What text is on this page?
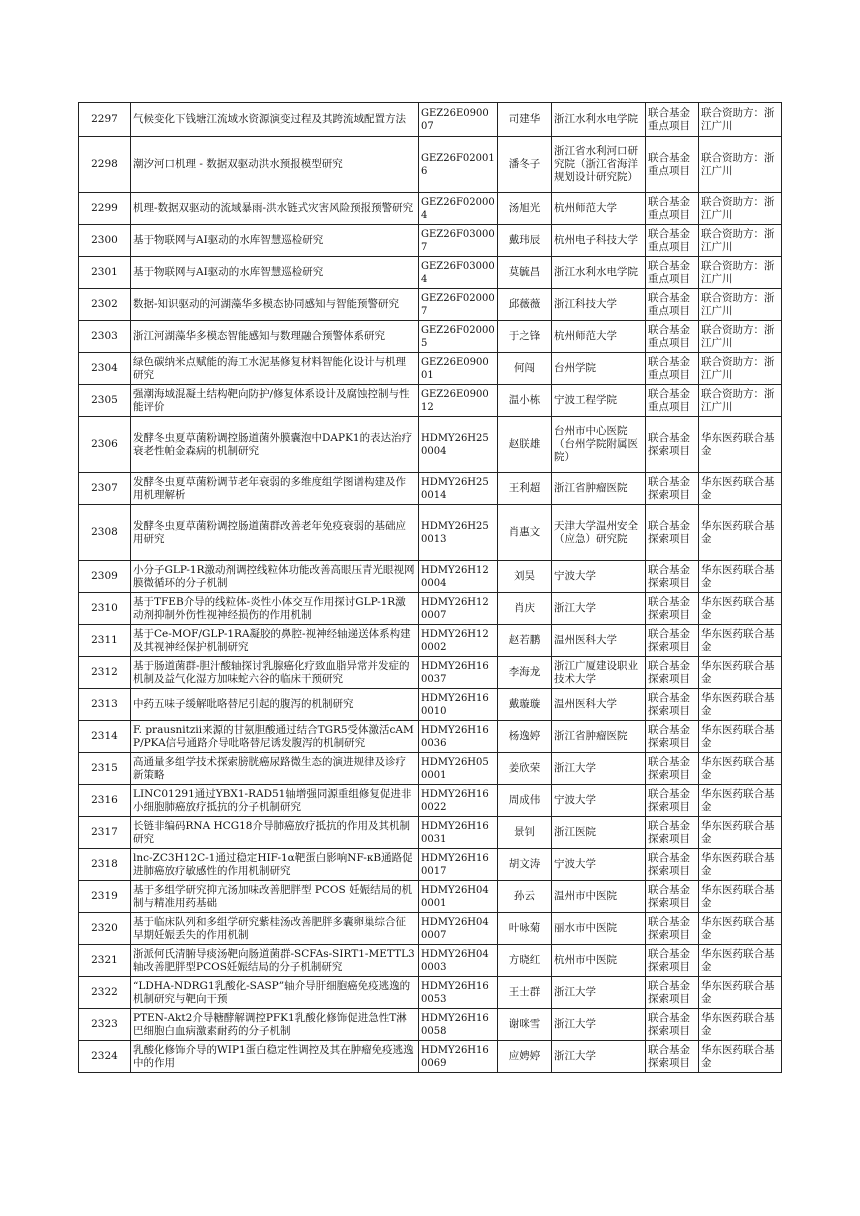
2297	气候变化下钱塘江流域水资源演变过程及其跨流域配置方法	GEZ26E090007	司建华	浙江水利水电学院	联合基金重点项目	联合资助方：浙江广川
2298	潮汐河口机理 - 数据双驱动洪水预报模型研究	GEZ26F020016	潘冬子	浙江省水利河口研究院（浙江省海洋规划设计研究院）	联合基金重点项目	联合资助方：浙江广川
2299	机理-数据双驱动的流域暴雨-洪水链式灾害风险预报预警研究	GEZ26F020004	汤旭光	杭州师范大学	联合基金重点项目	联合资助方：浙江广川
2300	基于物联网与AI驱动的水库智慧巡检研究	GEZ26F030007	戴玮辰	杭州电子科技大学	联合基金重点项目	联合资助方：浙江广川
2301	基于物联网与AI驱动的水库智慧巡检研究	GEZ26F030004	莫毓昌	浙江水利水电学院	联合基金重点项目	联合资助方：浙江广川
2302	数据-知识驱动的河湖藻华多模态协同感知与智能预警研究	GEZ26F020007	邱薇薇	浙江科技大学	联合基金重点项目	联合资助方：浙江广川
2303	浙江河湖藻华多模态智能感知与数理融合预警体系研究	GEZ26F020005	于之锋	杭州师范大学	联合基金重点项目	联合资助方：浙江广川
2304	绿色碳纳米点赋能的海工水泥基修复材料智能化设计与机理研究	GEZ26E090001	何闯	台州学院	联合基金重点项目	联合资助方：浙江广川
2305	强潮海域混凝土结构靶向防护/修复体系设计及腐蚀控制与性能评价	GEZ26E090012	温小栋	宁波工程学院	联合基金重点项目	联合资助方：浙江广川
2306	发酵冬虫夏草菌粉调控肠道菌外膜囊泡中DAPK1的表达治疗衰老性帕金森病的机制研究	HDMY26H250004	赵朕雄	台州市中心医院（台州学院附属医院）	联合基金探索项目	华东医药联合基金
2307	发酵冬虫夏草菌粉调节老年衰弱的多维度组学图谱构建及作用机理解析	HDMY26H250014	王利超	浙江省肿瘤医院	联合基金探索项目	华东医药联合基金
2308	发酵冬虫夏草菌粉调控肠道菌群改善老年免疫衰弱的基础应用研究	HDMY26H250013	肖惠文	天津大学温州安全（应急）研究院	联合基金探索项目	华东医药联合基金
2309	小分子GLP-1R激动剂调控线粒体功能改善高眼压青光眼视网膜微循环的分子机制	HDMY26H120004	刘昊	宁波大学	联合基金探索项目	华东医药联合基金
2310	基于TFEB介导的线粒体-炎性小体交互作用探讨GLP-1R激动剂抑制外伤性视神经损伤的作用机制	HDMY26H120007	肖庆	浙江大学	联合基金探索项目	华东医药联合基金
2311	基于Ce-MOF/GLP-1RA凝胶的鼻腔-视神经轴递送体系构建及其视神经保护机制研究	HDMY26H120002	赵若鹏	温州医科大学	联合基金探索项目	华东医药联合基金
2312	基于肠道菌群-胆汁酸轴探讨乳腺癌化疗致血脂异常并发症的机制及益气化湿方加味蛇六谷的临床干预研究	HDMY26H160037	李海龙	浙江广厦建设职业技术大学	联合基金探索项目	华东医药联合基金
2313	中药五味子缓解吡咯替尼引起的腹泻的机制研究	HDMY26H160010	戴璇璇	温州医科大学	联合基金探索项目	华东医药联合基金
2314	F. prausnitzii来源的甘氨胆酸通过结合TGR5受体激活cAMP/PKA信号通路介导吡咯替尼诱发腹泻的机制研究	HDMY26H160036	杨逸婷	浙江省肿瘤医院	联合基金探索项目	华东医药联合基金
2315	高通量多组学技术探索膀胱癌尿路微生态的演进规律及诊疗新策略	HDMY26H050001	姜欣荣	浙江大学	联合基金探索项目	华东医药联合基金
2316	LINC01291通过YBX1-RAD51轴增强同源重组修复促进非小细胞肺癌放疗抵抗的分子机制研究	HDMY26H160022	周成伟	宁波大学	联合基金探索项目	华东医药联合基金
2317	长链非编码RNA HCG18介导肺癌放疗抵抗的作用及其机制研究	HDMY26H160031	景钊	浙江医院	联合基金探索项目	华东医药联合基金
2318	lnc-ZC3H12C-1通过稳定HIF-1α靶蛋白影响NF-κB通路促进肺癌放疗敏感性的作用机制研究	HDMY26H160017	胡文涛	宁波大学	联合基金探索项目	华东医药联合基金
2319	基于多组学研究抑亢汤加味改善肥胖型 PCOS 妊娠结局的机制与精准用药基础	HDMY26H040001	孙云	温州市中医院	联合基金探索项目	华东医药联合基金
2320	基于临床队列和多组学研究紫桂汤改善肥胖多囊卵巢综合征早期妊娠丢失的作用机制	HDMY26H040007	叶咏菊	丽水市中医院	联合基金探索项目	华东医药联合基金
2321	浙派何氏清腑导痰汤靶向肠道菌群-SCFAs-SIRT1-METTL3轴改善肥胖型PCOS妊娠结局的分子机制研究	HDMY26H040003	方晓红	杭州市中医院	联合基金探索项目	华东医药联合基金
2322	“LDHA-NDRG1乳酸化-SASP”轴介导肝细胞癌免疫逃逸的机制研究与靶向干预	HDMY26H160053	王士群	浙江大学	联合基金探索项目	华东医药联合基金
2323	PTEN-Akt2介导糖酵解调控PFK1乳酸化修饰促进急性T淋巴细胞白血病激素耐药的分子机制	HDMY26H160058	谢咪雪	浙江大学	联合基金探索项目	华东医药联合基金
2324	乳酸化修饰介导的WIP1蛋白稳定性调控及其在肿瘤免疫逃逸中的作用	HDMY26H160069	应娉婷	浙江大学	联合基金探索项目	华东医药联合基金
